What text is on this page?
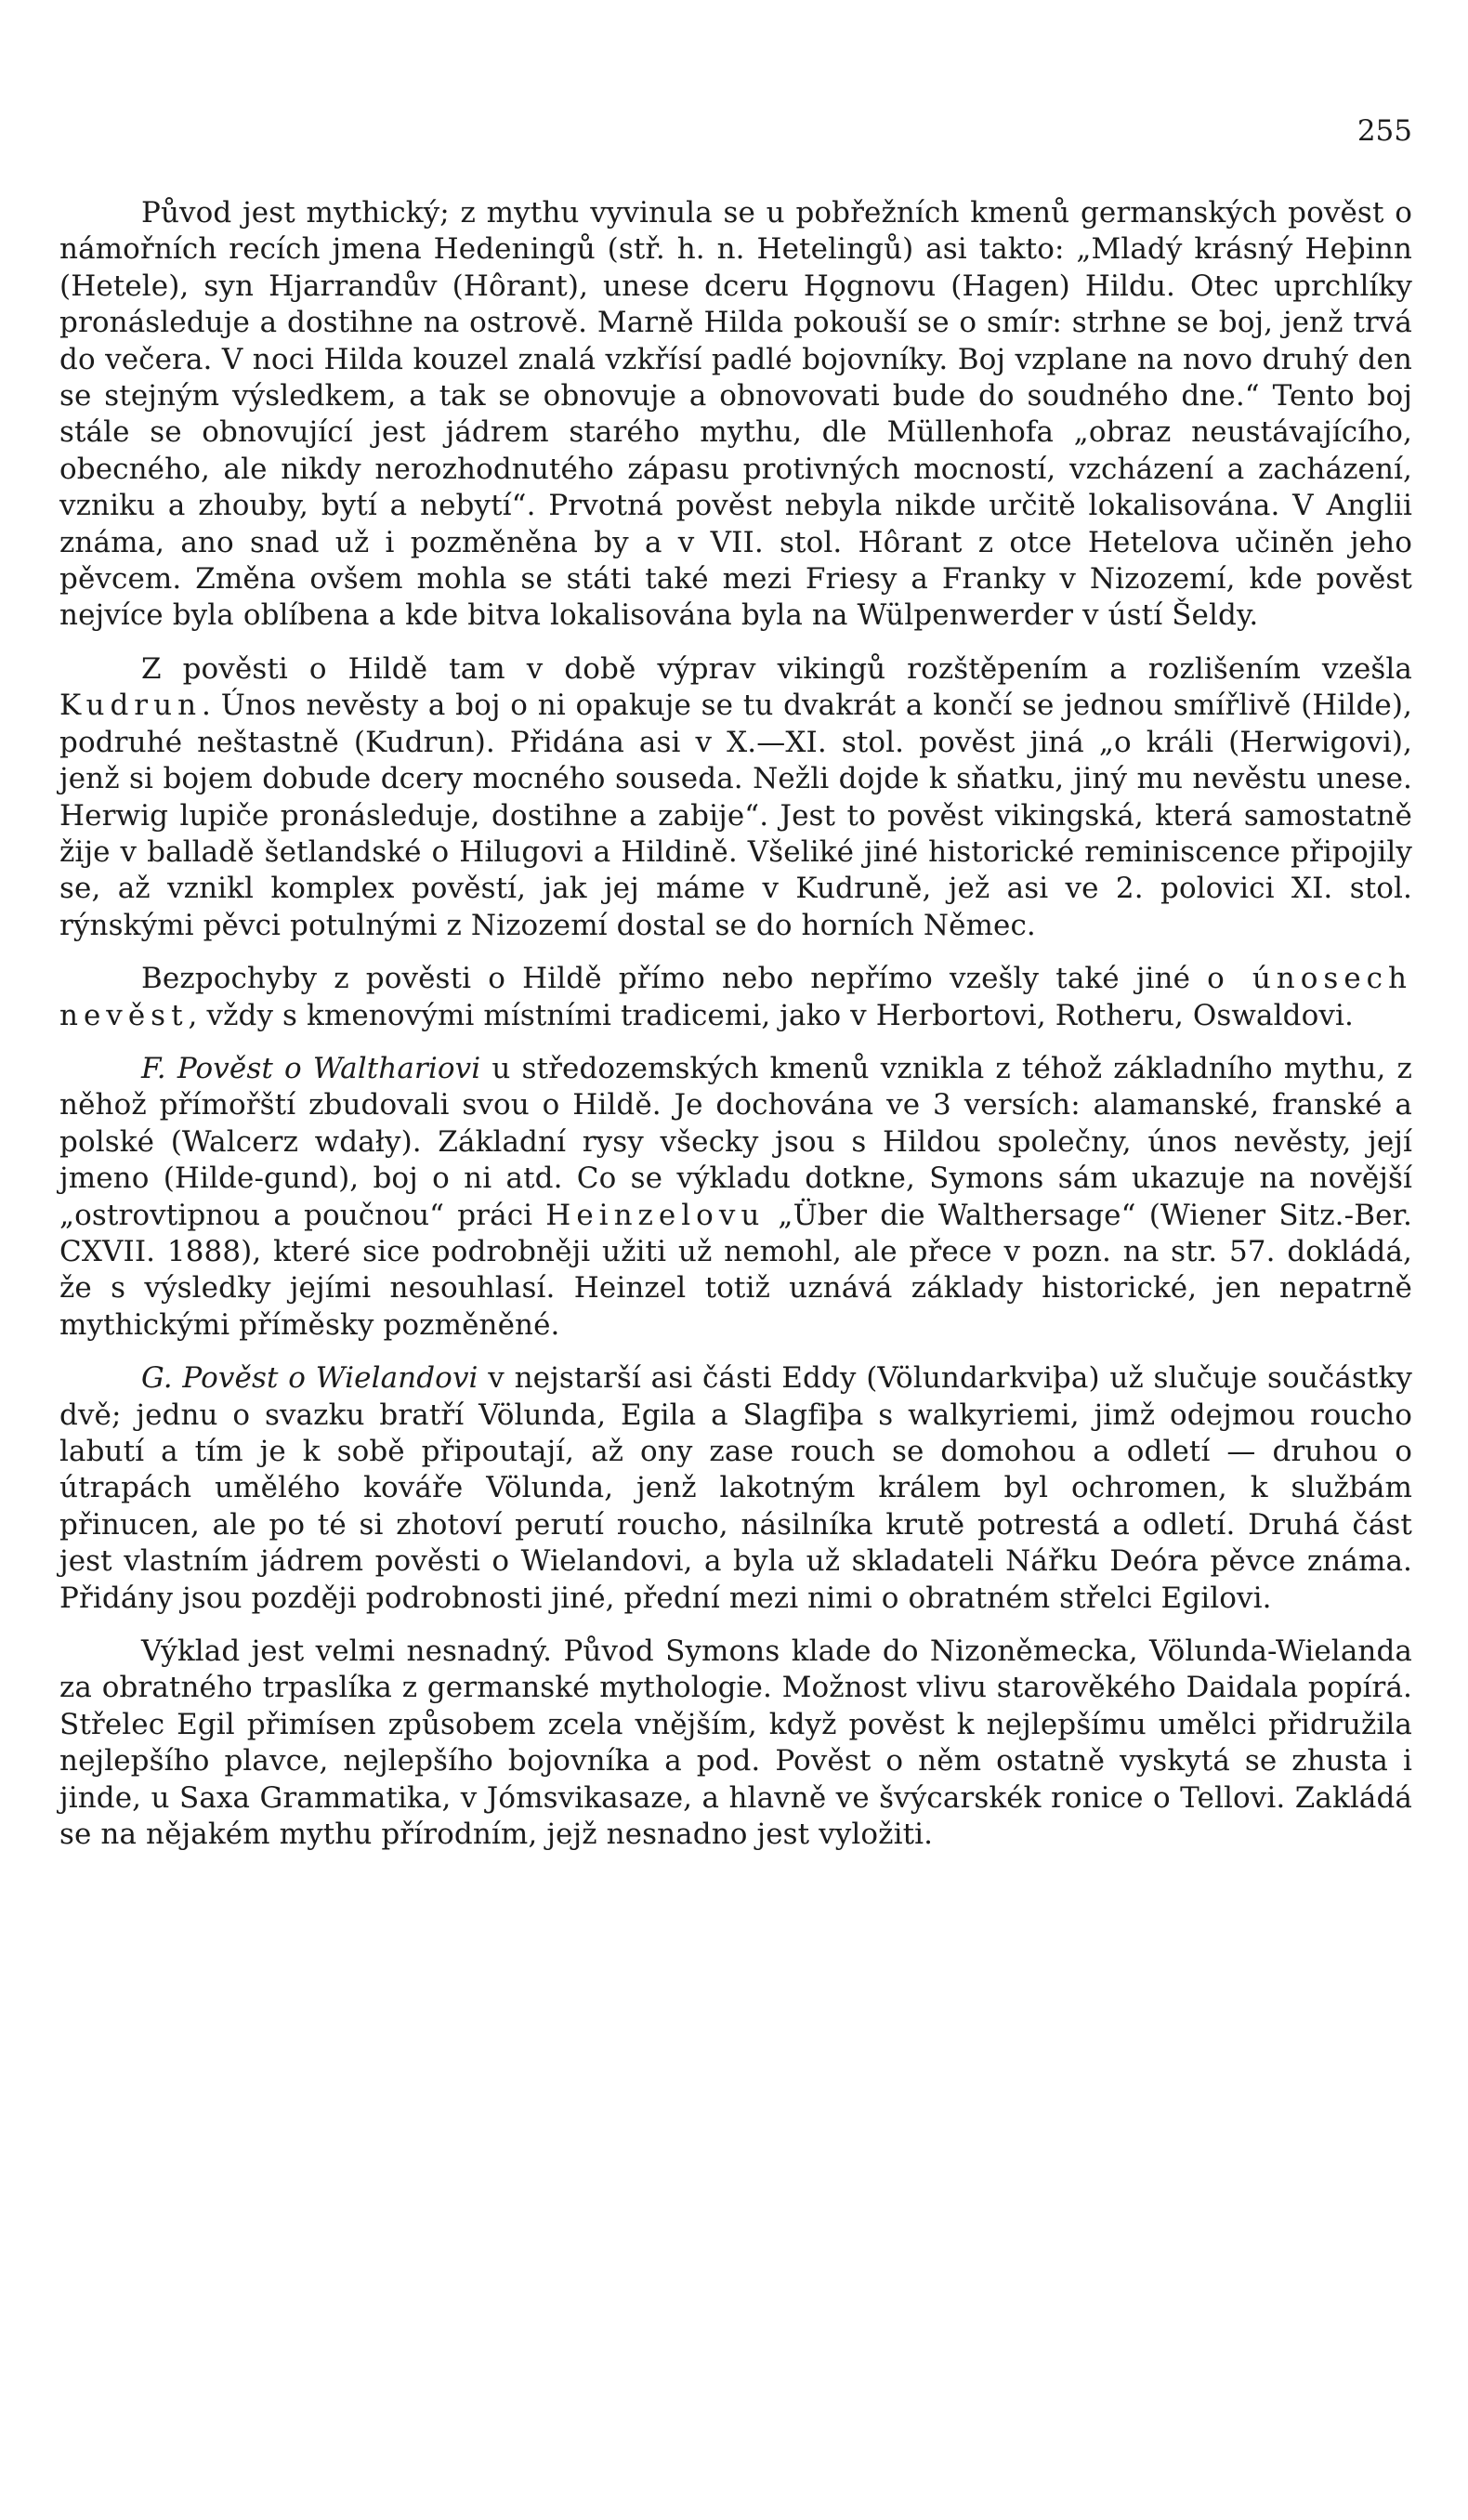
255

Původ jest mythický; z mythu vyvinula se u pobřežních kmenů germanských pověst o námořních recích jmena Hedeningů (stř. h. n. Hetelingů) asi takto: „Mladý krásný Heþinn (Hetele), syn Hjarrandův (Hôrant), unese dceru Hǫgnovu (Hagen) Hildu. Otec uprchlíky pronásleduje a dostihne na ostrově. Marně Hilda pokouší se o smír: strhne se boj, jenž trvá do večera. V noci Hilda kouzel znalá vzkřísí padlé bojovníky. Boj vzplane na novo druhý den se stejným výsledkem, a tak se obnovuje a obnovovati bude do soudného dne.“ Tento boj stále se obnovující jest jádrem starého mythu, dle Müllenhofa „obraz neustávajícího, obecného, ale nikdy nerozhodnutého zápasu protivných mocností, vzcházení a zacházení, vzniku a zhouby, bytí a nebytí“. Prvotná pověst nebyla nikde určitě lokalisována. V Anglii známa, ano snad už i pozměněna by a v VII. stol. Hôrant z otce Hetelova učiněn jeho pěvcem. Změna ovšem mohla se státi také mezi Friesy a Franky v Nizozemí, kde pověst nejvíce byla oblíbena a kde bitva lokalisována byla na Wülpenwerder v ústí Šeldy.

Z pověsti o Hildě tam v době výprav vikingů rozštěpením a rozlišením vzešla Kudrun. Únos nevěsty a boj o ni opakuje se tu dvakrát a končí se jednou smířlivě (Hilde), podruhé neštastně (Kudrun). Přidána asi v X.—XI. stol. pověst jiná „o králi (Herwigovi), jenž si bojem dobude dcery mocného souseda. Nežli dojde k sňatku, jiný mu nevěstu unese. Herwig lupiče pronásleduje, dostihne a zabije“. Jest to pověst vikingská, která samostatně žije v balladě šetlandské o Hilugovi a Hildině. Všeliké jiné historické reminiscence připojily se, až vznikl komplex pověstí, jak jej máme v Kudruně, jež asi ve 2. polovici XI. stol. rýnskými pěvci potulnými z Nizozemí dostal se do horních Němec.

Bezpochyby z pověsti o Hildě přímo nebo nepřímo vzešly také jiné o únosech nevěst, vždy s kmenovými místními tradicemi, jako v Herbortovi, Rotheru, Oswaldovi.

F. Pověst o Walthariovi u středozemských kmenů vznikla z téhož základního mythu, z něhož přímořští zbudovali svou o Hildě. Je dochována ve 3 versích: alamanské, franské a polské (Walcerz wdały). Základní rysy všecky jsou s Hildou společny, únos nevěsty, její jmeno (Hilde-gund), boj o ni atd. Co se výkladu dotkne, Symons sám ukazuje na novější „ostrovtipnou a poučnou“ práci Heinzelovu „Über die Walthersage“ (Wiener Sitz.-Ber. CXVII. 1888), které sice podrobněji užiti už nemohl, ale přece v pozn. na str. 57. dokládá, že s výsledky jejími nesouhlasí. Heinzel totiž uznává základy historické, jen nepatrně mythickými příměsky pozměněné.

G. Pověst o Wielandovi v nejstarší asi části Eddy (Völundarkviþa) už slučuje součástky dvě; jednu o svazku bratří Völunda, Egila a Slagfiþa s walkyriemi, jimž odejmou roucho labutí a tím je k sobě připoutají, až ony zase rouch se domohou a odletí — druhou o útrapách umělého kováře Völunda, jenž lakotným králem byl ochromen, k službám přinucen, ale po té si zhotoví perutí roucho, násilníka krutě potrestá a odletí. Druhá část jest vlastním jádrem pověsti o Wielandovi, a byla už skladateli Nářku Deóra pěvce známa. Přidány jsou později podrobnosti jiné, přední mezi nimi o obratném střelci Egilovi.

Výklad jest velmi nesnadný. Původ Symons klade do Nizoněmecka, Völunda-Wielanda za obratného trpaslíka z germanské mythologie. Možnost vlivu starověkého Daidala popírá. Střelec Egil přimísen způsobem zcela vnějším, když pověst k nejlepšímu umělci přidružila nejlepšího plavce, nejlepšího bojovníka a pod. Pověst o něm ostatně vyskytá se zhusta i jinde, u Saxa Grammatika, v Jómsvikasaze, a hlavně ve švýcarskék ronice o Tellovi. Zakládá se na nějakém mythu přírodním, jejž nesnadno jest vyložiti.
